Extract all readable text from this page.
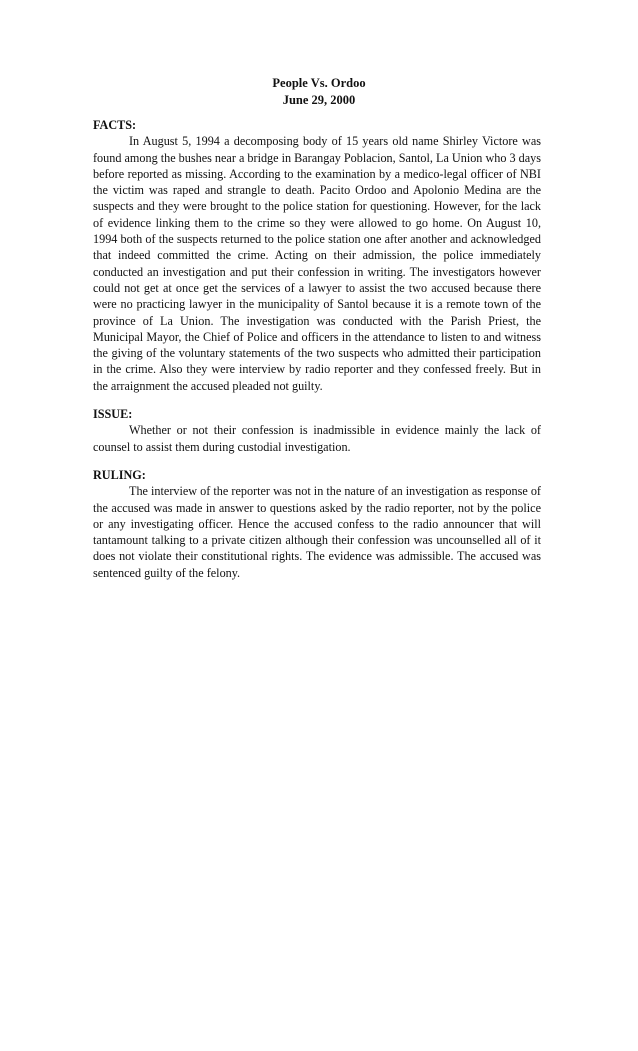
People Vs. Ordoo
June 29, 2000

FACTS:

In August 5, 1994 a decomposing body of 15 years old name Shirley Victore was found among the bushes near a bridge in Barangay Poblacion, Santol, La Union who 3 days before reported as missing. According to the examination by a medico-legal officer of NBI the victim was raped and strangle to death. Pacito Ordoo and Apolonio Medina are the suspects and they were brought to the police station for questioning. However, for the lack of evidence linking them to the crime so they were allowed to go home. On August 10, 1994 both of the suspects returned to the police station one after another and acknowledged that indeed committed the crime. Acting on their admission, the police immediately conducted an investigation and put their confession in writing. The investigators however could not get at once get the services of a lawyer to assist the two accused because there were no practicing lawyer in the municipality of Santol because it is a remote town of the province of La Union. The investigation was conducted with the Parish Priest, the Municipal Mayor, the Chief of Police and officers in the attendance to listen to and witness the giving of the voluntary statements of the two suspects who admitted their participation in the crime. Also they were interview by radio reporter and they confessed freely. But in the arraignment the accused pleaded not guilty.

ISSUE:

Whether or not their confession is inadmissible in evidence mainly the lack of counsel to assist them during custodial investigation.

RULING:

The interview of the reporter was not in the nature of an investigation as response of the accused was made in answer to questions asked by the radio reporter, not by the police or any investigating officer. Hence the accused confess to the radio announcer that will tantamount talking to a private citizen although their confession was uncounselled all of it does not violate their constitutional rights. The evidence was admissible. The accused was sentenced guilty of the felony.
